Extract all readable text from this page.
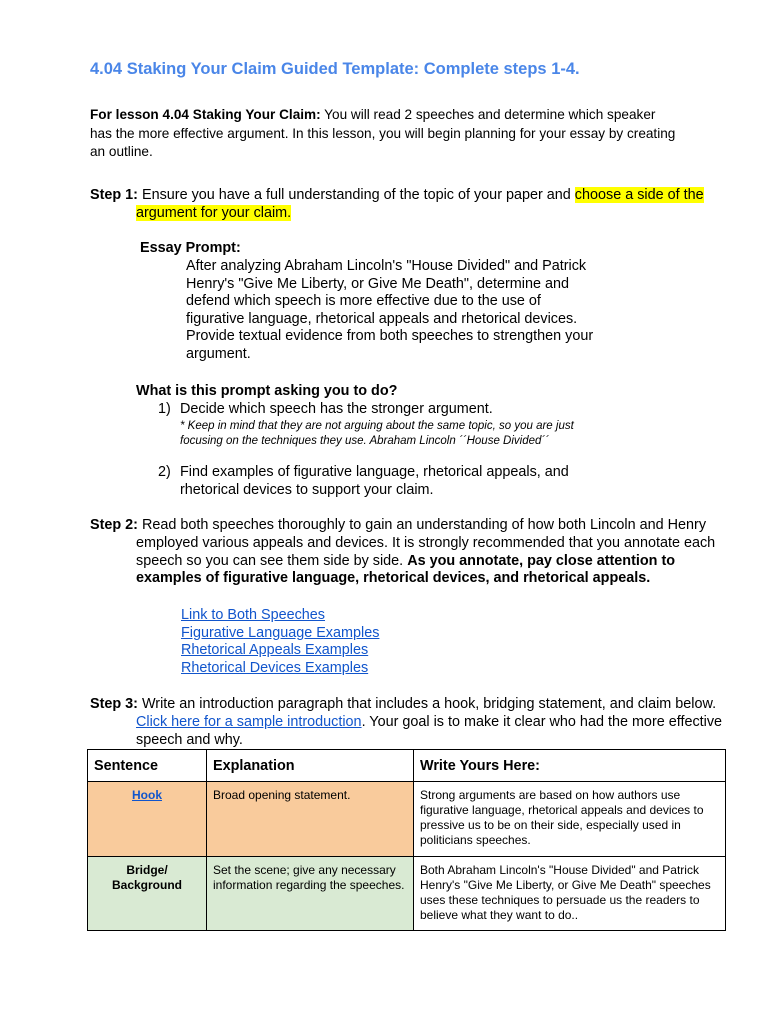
4.04 Staking Your Claim Guided Template: Complete steps 1-4.
For lesson 4.04 Staking Your Claim: You will read 2 speeches and determine which speaker has the more effective argument. In this lesson, you will begin planning for your essay by creating an outline.
Step 1: Ensure you have a full understanding of the topic of your paper and choose a side of the argument for your claim.
Essay Prompt:
After analyzing Abraham Lincoln's "House Divided" and Patrick Henry's "Give Me Liberty, or Give Me Death", determine and defend which speech is more effective due to the use of figurative language, rhetorical appeals and rhetorical devices. Provide textual evidence from both speeches to strengthen your argument.
What is this prompt asking you to do?
1) Decide which speech has the stronger argument.
* Keep in mind that they are not arguing about the same topic, so you are just focusing on the techniques they use. Abraham Lincoln ´´House Divided´´
2) Find examples of figurative language, rhetorical appeals, and rhetorical devices to support your claim.
Step 2: Read both speeches thoroughly to gain an understanding of how both Lincoln and Henry employed various appeals and devices. It is strongly recommended that you annotate each speech so you can see them side by side. As you annotate, pay close attention to examples of figurative language, rhetorical devices, and rhetorical appeals.
Link to Both Speeches
Figurative Language Examples
Rhetorical Appeals Examples
Rhetorical Devices Examples
Step 3: Write an introduction paragraph that includes a hook, bridging statement, and claim below. Click here for a sample introduction. Your goal is to make it clear who had the more effective speech and why.
Sentence	Explanation	Write Yours Here:
Hook	Broad opening statement.	Strong arguments are based on how authors use figurative language, rhetorical appeals and devices to pressive us to be on their side, especially used in politicians speeches.
Bridge/ Background	Set the scene; give any necessary information regarding the speeches.	Both Abraham Lincoln's "House Divided" and Patrick Henry's "Give Me Liberty, or Give Me Death" speeches uses these techniques to persuade us the readers to believe what they want to do..
